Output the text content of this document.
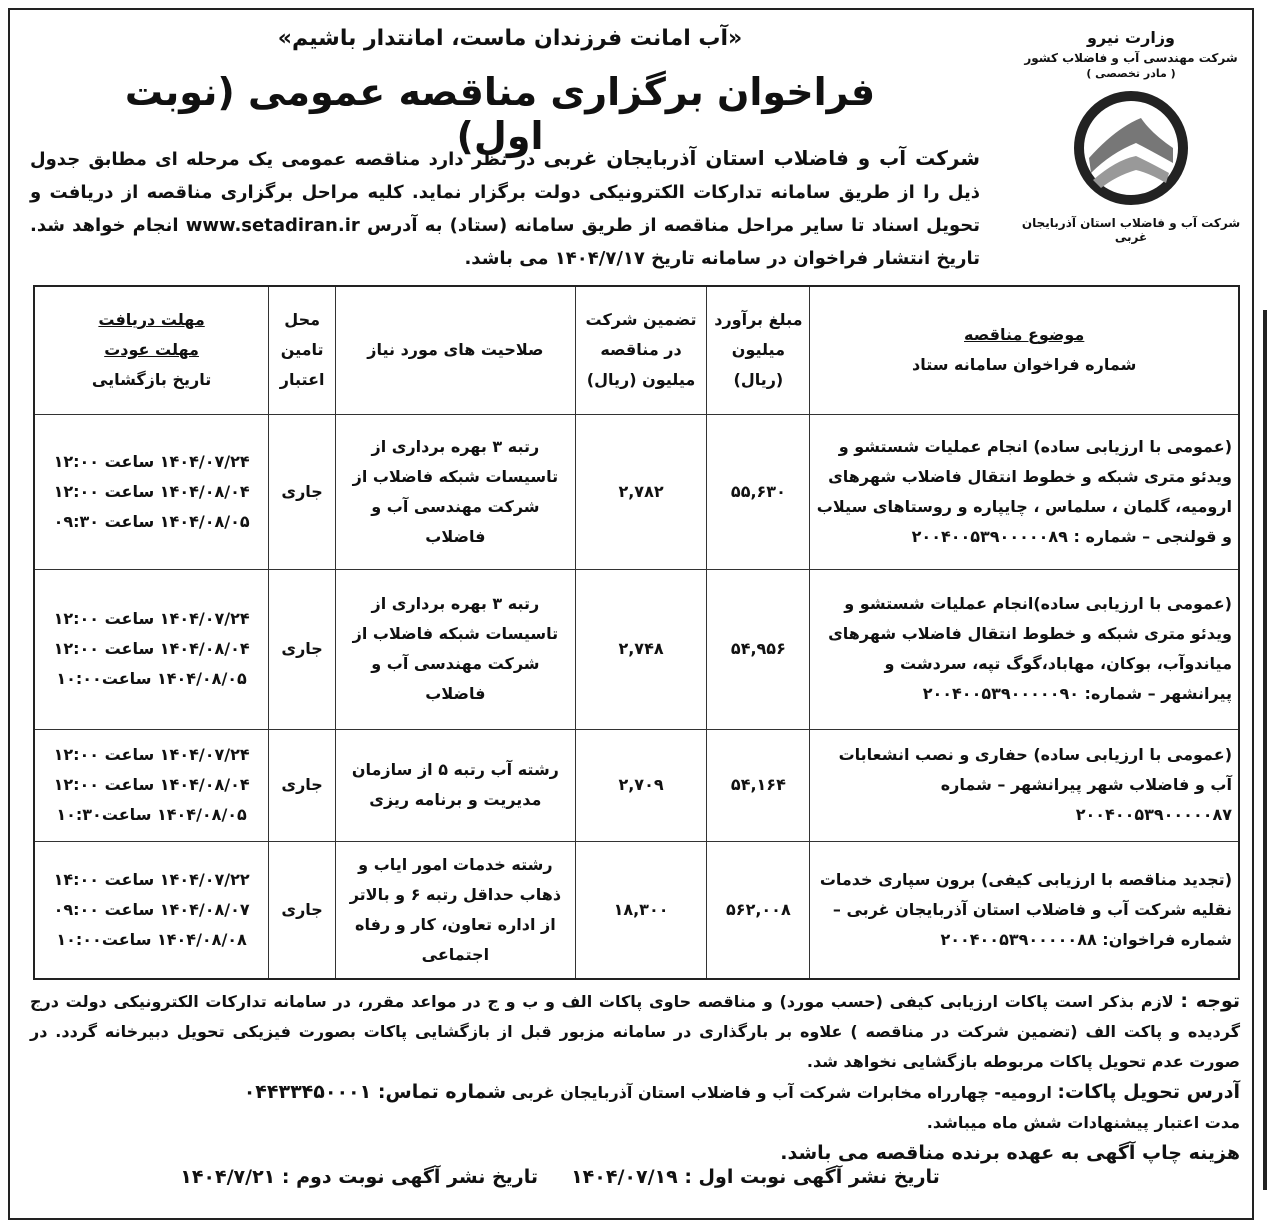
وزارت نیرو
شرکت مهندسی آب و فاضلاب کشور
( مادر تخصصی )
شرکت آب و فاضلاب استان آذربایجان غربی
«آب امانت فرزندان ماست، امانتدار باشیم»
فراخوان برگزاری مناقصه عمومی (نوبت اول) شرکت آب و فاضلاب استان آذربایجان غربی در نظر دارد مناقصه عمومی یک مرحله ای مطابق جدول ذیل را از طریق سامانه تدارکات الکترونیکی دولت برگزار نماید. کلیه مراحل برگزاری مناقصه از دریافت و تحویل اسناد تا سایر مراحل مناقصه از طریق سامانه (ستاد) به آدرس www.setadiran.ir انجام خواهد شد. تاریخ انتشار فراخوان در سامانه تاریخ ۱۴۰۴/۷/۱۷ می باشد.
موضوع مناقصه
شماره فراخوان سامانه ستاد	مبلغ برآورد میلیون (ریال)	تضمین شرکت در مناقصه میلیون (ریال)	صلاحیت های مورد نیاز	محل تامین اعتبار	مهلت دریافت
مهلت عودت
تاریخ بازگشایی
(عمومی با ارزیابی ساده) انجام عملیات شستشو و ویدئو متری شبکه و خطوط انتقال فاضلاب شهرهای ارومیه، گلمان ، سلماس ، چایپاره و روستاهای سیلاب و قولنجی – شماره : ۲۰۰۴۰۰۵۳۹۰۰۰۰۰۸۹	۵۵,۶۳۰	۲,۷۸۲	رتبه ۳ بهره برداری از تاسیسات شبکه فاضلاب از شرکت مهندسی آب و فاضلاب	جاری	۱۴۰۴/۰۷/۲۴ ساعت ۱۲:۰۰
۱۴۰۴/۰۸/۰۴ ساعت ۱۲:۰۰
۱۴۰۴/۰۸/۰۵ ساعت ۰۹:۳۰

(عمومی با ارزیابی ساده)انجام عملیات شستشو و ویدئو متری شبکه و خطوط انتقال فاضلاب شهرهای میاندوآب، بوکان، مهاباد،گوگ تپه، سردشت و پیرانشهر – شماره: ۲۰۰۴۰۰۵۳۹۰۰۰۰۰۹۰	۵۴,۹۵۶	۲,۷۴۸	رتبه ۳ بهره برداری از تاسیسات شبکه فاضلاب از شرکت مهندسی آب و فاضلاب	جاری	۱۴۰۴/۰۷/۲۴ ساعت ۱۲:۰۰
۱۴۰۴/۰۸/۰۴ ساعت ۱۲:۰۰
۱۴۰۴/۰۸/۰۵ ساعت۱۰:۰۰

(عمومی با ارزیابی ساده) حفاری و نصب انشعابات آب و فاضلاب شهر پیرانشهر – شماره ۲۰۰۴۰۰۵۳۹۰۰۰۰۰۸۷	۵۴,۱۶۴	۲,۷۰۹	رشته آب رتبه ۵ از سازمان مدیریت و برنامه ریزی	جاری	۱۴۰۴/۰۷/۲۴ ساعت ۱۲:۰۰
۱۴۰۴/۰۸/۰۴ ساعت ۱۲:۰۰
۱۴۰۴/۰۸/۰۵ ساعت۱۰:۳۰

(تجدید مناقصه با ارزیابی کیفی) برون سپاری خدمات نقلیه شرکت آب و فاضلاب استان آذربایجان غربی – شماره فراخوان: ۲۰۰۴۰۰۵۳۹۰۰۰۰۰۸۸	۵۶۲,۰۰۸	۱۸,۳۰۰	رشته خدمات امور ایاب و ذهاب حداقل رتبه ۶ و بالاتر از اداره تعاون، کار و رفاه اجتماعی	جاری	۱۴۰۴/۰۷/۲۲ ساعت ۱۴:۰۰
۱۴۰۴/۰۸/۰۷ ساعت ۰۹:۰۰
۱۴۰۴/۰۸/۰۸ ساعت۱۰:۰۰
توجه : لازم بذکر است پاکات ارزیابی کیفی (حسب مورد) و مناقصه حاوی پاکات الف و ب و ج در مواعد مقرر، در سامانه تدارکات الکترونیکی دولت درج گردیده و پاکت الف (تضمین شرکت در مناقصه ) علاوه بر بارگذاری در سامانه مزبور قبل از بازگشایی پاکات بصورت فیزیکی تحویل دبیرخانه گردد. در صورت عدم تحویل پاکات مربوطه بازگشایی نخواهد شد.
آدرس تحویل پاکات: ارومیه- چهارراه مخابرات شرکت آب و فاضلاب استان آذربایجان غربی شماره تماس: ۰۴۴۳۳۴۵۰۰۰۱
مدت اعتبار پیشنهادات شش ماه میباشد.
هزینه چاپ آگهی به عهده برنده مناقصه می باشد.
تاریخ نشر آگهی نوبت اول : ۱۴۰۴/۰۷/۱۹     تاریخ نشر آگهی نوبت دوم : ۱۴۰۴/۷/۲۱
